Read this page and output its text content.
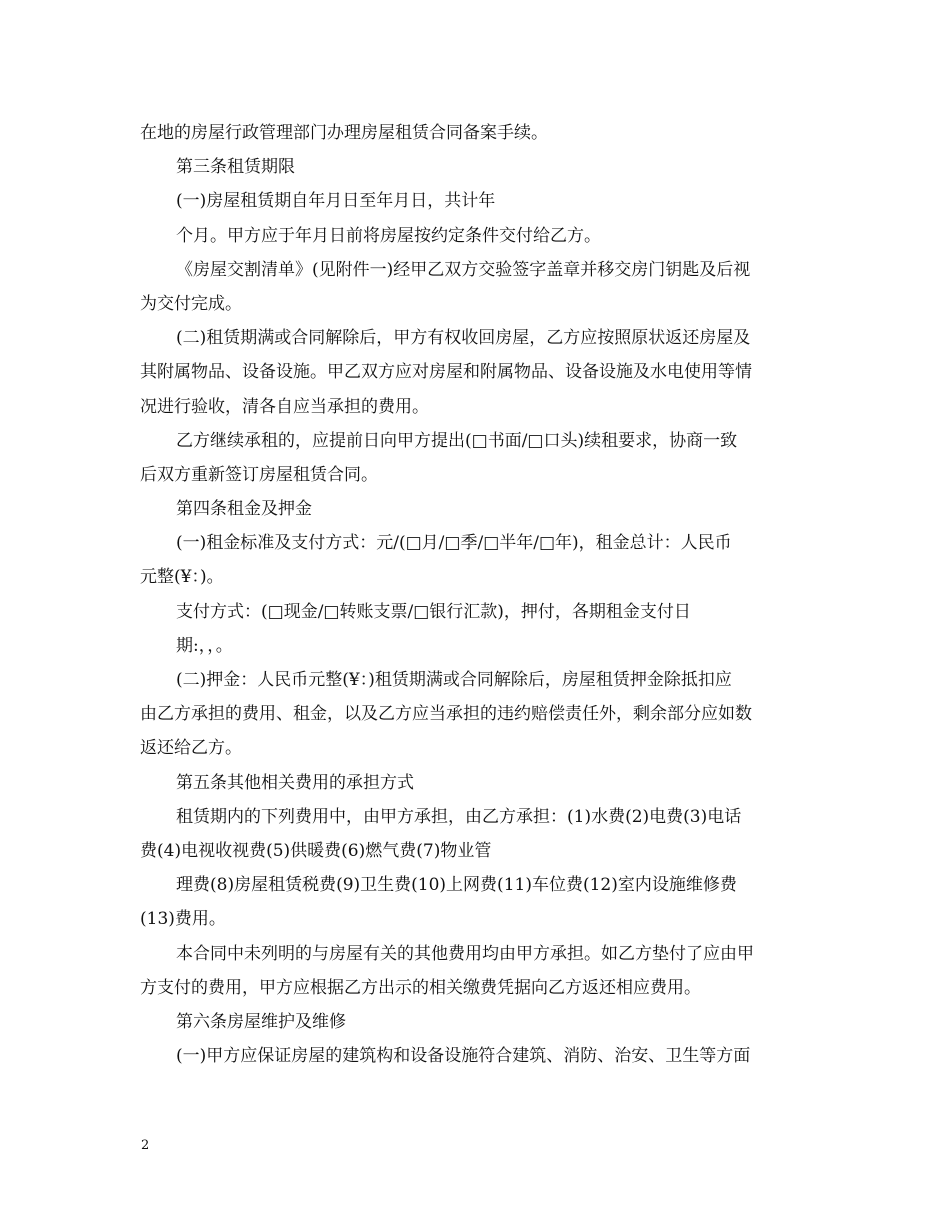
在地的房屋行政管理部门办理房屋租赁合同备案手续。
第三条租赁期限
(一)房屋租赁期自年月日至年月日，共计年
个月。甲方应于年月日前将房屋按约定条件交付给乙方。
《房屋交割清单》(见附件一)经甲乙双方交验签字盖章并移交房门钥匙及后视
为交付完成。
(二)租赁期满或合同解除后，甲方有权收回房屋，乙方应按照原状返还房屋及
其附属物品、设备设施。甲乙双方应对房屋和附属物品、设备设施及水电使用等情
况进行验收，清各自应当承担的费用。
乙方继续承租的，应提前日向甲方提出(□书面/□口头)续租要求，协商一致
后双方重新签订房屋租赁合同。
第四条租金及押金
(一)租金标准及支付方式：元/(□月/□季/□半年/□年)，租金总计：人民币
元整(¥：)。
支付方式：(□现金/□转账支票/□银行汇款)，押付，各期租金支付日
期:，，。
(二)押金：人民币元整(¥：)租赁期满或合同解除后，房屋租赁押金除抵扣应
由乙方承担的费用、租金，以及乙方应当承担的违约赔偿责任外，剩余部分应如数
返还给乙方。
第五条其他相关费用的承担方式
租赁期内的下列费用中，由甲方承担，由乙方承担：(1)水费(2)电费(3)电话
费(4)电视收视费(5)供暖费(6)燃气费(7)物业管
理费(8)房屋租赁税费(9)卫生费(10)上网费(11)车位费(12)室内设施维修费
(13)费用。
本合同中未列明的与房屋有关的其他费用均由甲方承担。如乙方垫付了应由甲
方支付的费用，甲方应根据乙方出示的相关缴费凭据向乙方返还相应费用。
第六条房屋维护及维修
(一)甲方应保证房屋的建筑构和设备设施符合建筑、消防、治安、卫生等方面
2
